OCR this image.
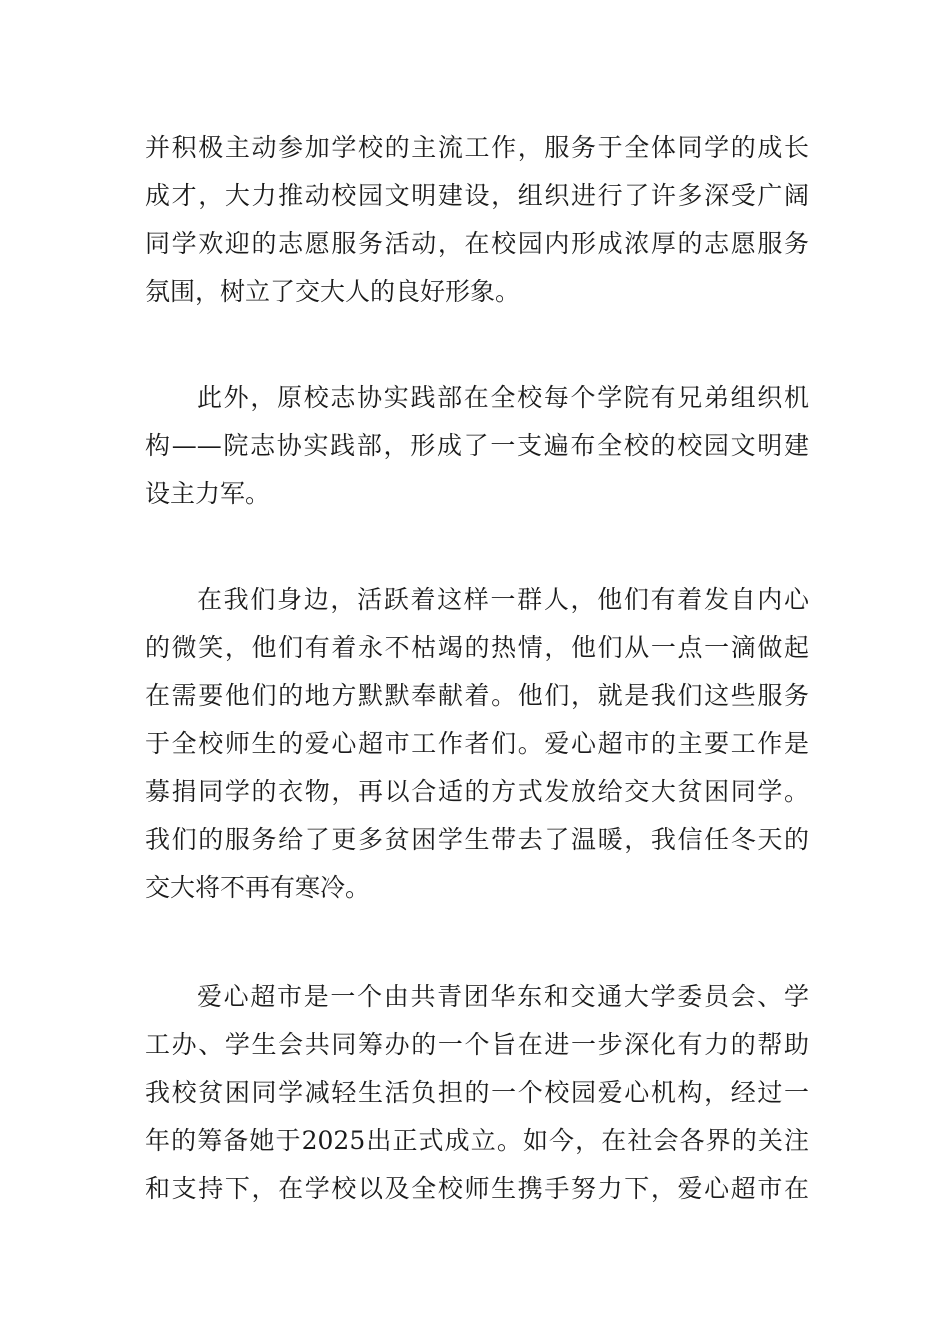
并积极主动参加学校的主流工作，服务于全体同学的成长
成才，大力推动校园文明建设，组织进行了许多深受广阔
同学欢迎的志愿服务活动，在校园内形成浓厚的志愿服务
氛围，树立了交大人的良好形象。
此外，原校志协实践部在全校每个学院有兄弟组织机
构——院志协实践部，形成了一支遍布全校的校园文明建
设主力军。
在我们身边，活跃着这样一群人，他们有着发自内心
的微笑，他们有着永不枯竭的热情，他们从一点一滴做起
在需要他们的地方默默奉献着。他们，就是我们这些服务
于全校师生的爱心超市工作者们。爱心超市的主要工作是
募捐同学的衣物，再以合适的方式发放给交大贫困同学。
我们的服务给了更多贫困学生带去了温暖，我信任冬天的
交大将不再有寒冷。
爱心超市是一个由共青团华东和交通大学委员会、学
工办、学生会共同筹办的一个旨在进一步深化有力的帮助
我校贫困同学减轻生活负担的一个校园爱心机构，经过一
年的筹备她于2025出正式成立。如今，在社会各界的关注
和支持下，在学校以及全校师生携手努力下，爱心超市在
